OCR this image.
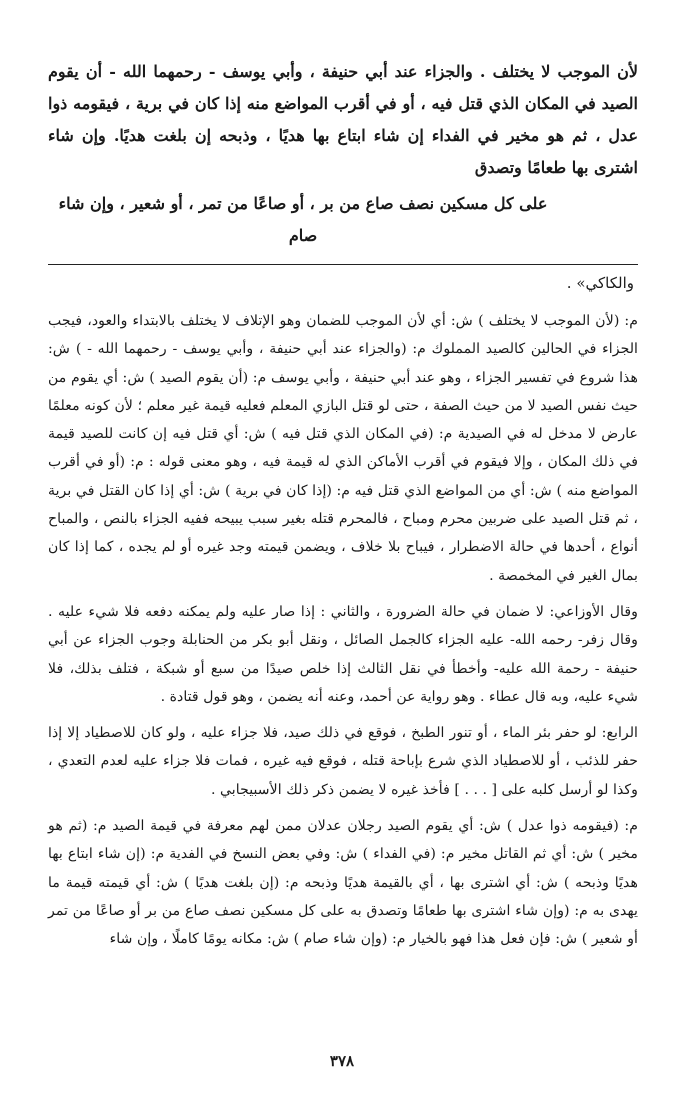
لأن الموجب لا يختلف . والجزاء عند أبي حنيفة ، وأبي يوسف - رحمهما الله - أن يقوم الصيد في المكان الذي قتل فيه ، أو في أقرب المواضع منه إذا كان في برية ، فيقومه ذوا عدل ، ثم هو مخير في الفداء إن شاء ابتاع بها هديًا ، وذبحه إن بلغت هديًا. وإن شاء اشترى بها طعامًا وتصدق

على كل مسكين نصف صاع من بر ، أو صاعًا من تمر ، أو شعير ، وإن شاء صام

والكاكي» .

م: (لأن الموجب لا يختلف ) ش: أي لأن الموجب للضمان وهو الإتلاف لا يختلف بالابتداء والعود، فيجب الجزاء في الحالين كالصيد المملوك م: (والجزاء عند أبي حنيفة ، وأبي يوسف - رحمهما الله - ) ش: هذا شروع في تفسير الجزاء ، وهو عند أبي حنيفة ، وأبي يوسف م: (أن يقوم الصيد ) ش: أي يقوم من حيث نفس الصيد لا من حيث الصفة ، حتى لو قتل البازي المعلم فعليه قيمة غير معلم ؛ لأن كونه معلمًا عارض لا مدخل له في الصيدية م: (في المكان الذي قتل فيه ) ش: أي قتل فيه إن كانت للصيد قيمة في ذلك المكان ، وإلا فيقوم في أقرب الأماكن الذي له قيمة فيه ، وهو معنى قوله : م: (أو في أقرب المواضع منه ) ش: أي من المواضع الذي قتل فيه م: (إذا كان في برية ) ش: أي إذا كان القتل في برية ، ثم قتل الصيد على ضربين محرم ومباح ، فالمحرم قتله بغير سبب يبيحه ففيه الجزاء بالنص ، والمباح أنواع ، أحدها في حالة الاضطرار ، فيباح بلا خلاف ، ويضمن قيمته وجد غيره أو لم يجده ، كما إذا كان بمال الغير في المخمصة .

وقال الأوزاعي: لا ضمان في حالة الضرورة ، والثاني : إذا صار عليه ولم يمكنه دفعه فلا شيء عليه . وقال زفر- رحمه الله- عليه الجزاء كالجمل الصائل ، ونقل أبو بكر من الحنابلة وجوب الجزاء عن أبي حنيفة - رحمة الله عليه- وأخطأ في نقل الثالث إذا خلص صيدًا من سبع أو شبكة ، فتلف بذلك، فلا شيء عليه، وبه قال عطاء . وهو رواية عن أحمد، وعنه أنه يضمن ، وهو قول قتادة .

الرابع: لو حفر بئر الماء ، أو تنور الطبخ ، فوقع في ذلك صيد، فلا جزاء عليه ، ولو كان للاصطياد إلا إذا حفر للذئب ، أو للاصطياد الذي شرع بإباحة قتله ، فوقع فيه غيره ، فمات فلا جزاء عليه لعدم التعدي ، وكذا لو أرسل كلبه على [ . . . ] فأخذ غيره لا يضمن ذكر ذلك الأسبيجابي .

م: (فيقومه ذوا عدل ) ش: أي يقوم الصيد رجلان عدلان ممن لهم معرفة في قيمة الصيد م: (ثم هو مخير ) ش: أي ثم القاتل مخير م: (في الفداء ) ش: وفي بعض النسخ في الفدية م: (إن شاء ابتاع بها هديًا وذبحه ) ش: أي اشترى بها ، أي بالقيمة هديًا وذبحه م: (إن بلغت هديًا ) ش: أي قيمته قيمة ما يهدى به م: (وإن شاء اشترى بها طعامًا وتصدق به على كل مسكين نصف صاع من بر أو صاعًا من تمر أو شعير ) ش: فإن فعل هذا فهو بالخيار م: (وإن شاء صام ) ش: مكانه يومًا كاملًا ، وإن شاء

٣٧٨
